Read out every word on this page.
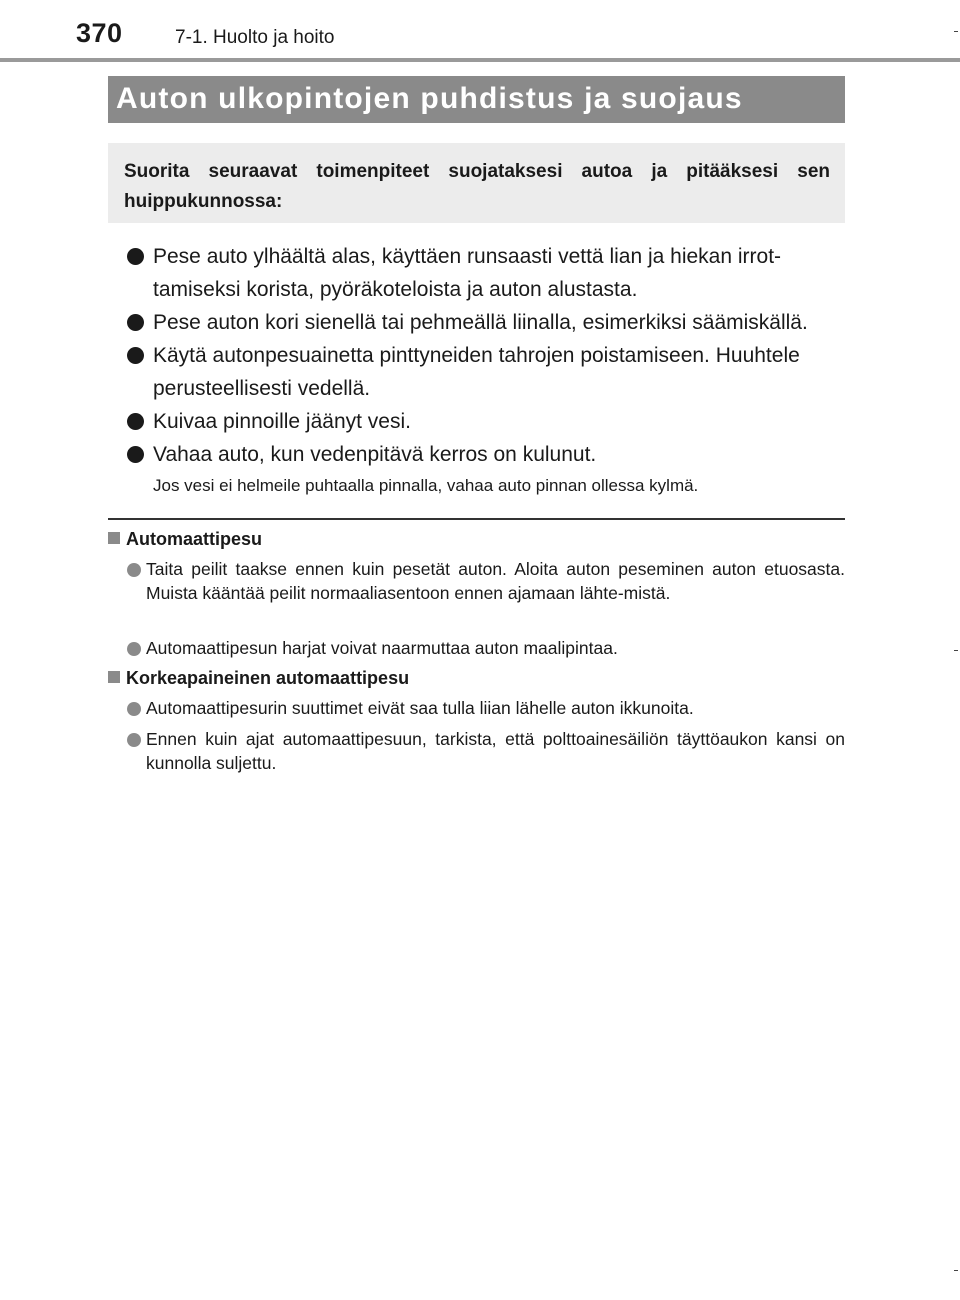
370	7-1. Huolto ja hoito
Auton ulkopintojen puhdistus ja suojaus

Suorita seuraavat toimenpiteet suojataksesi autoa ja pitääksesi sen huippukunnossa:

Pese auto ylhäältä alas, käyttäen runsaasti vettä lian ja hiekan irrot-tamiseksi korista, pyöräkoteloista ja auton alustasta.
Pese auton kori sienellä tai pehmeällä liinalla, esimerkiksi säämiskällä.
Käytä autonpesuainetta pinttyneiden tahrojen poistamiseen. Huuhtele perusteellisesti vedellä.
Kuivaa pinnoille jäänyt vesi.
Vahaa auto, kun vedenpitävä kerros on kulunut.
Jos vesi ei helmeile puhtaalla pinnalla, vahaa auto pinnan ollessa kylmä.
Automaattipesu
Taita peilit taakse ennen kuin pesetät auton. Aloita auton peseminen auton etuosasta. Muista kääntää peilit normaaliasentoon ennen ajamaan lähte-mistä.
Automaattipesun harjat voivat naarmuttaa auton maalipintaa.
Korkeapaineinen automaattipesu
Automaattipesurin suuttimet eivät saa tulla liian lähelle auton ikkunoita.
Ennen kuin ajat automaattipesuun, tarkista, että polttoainesäiliön täyttöaukon kansi on kunnolla suljettu.
